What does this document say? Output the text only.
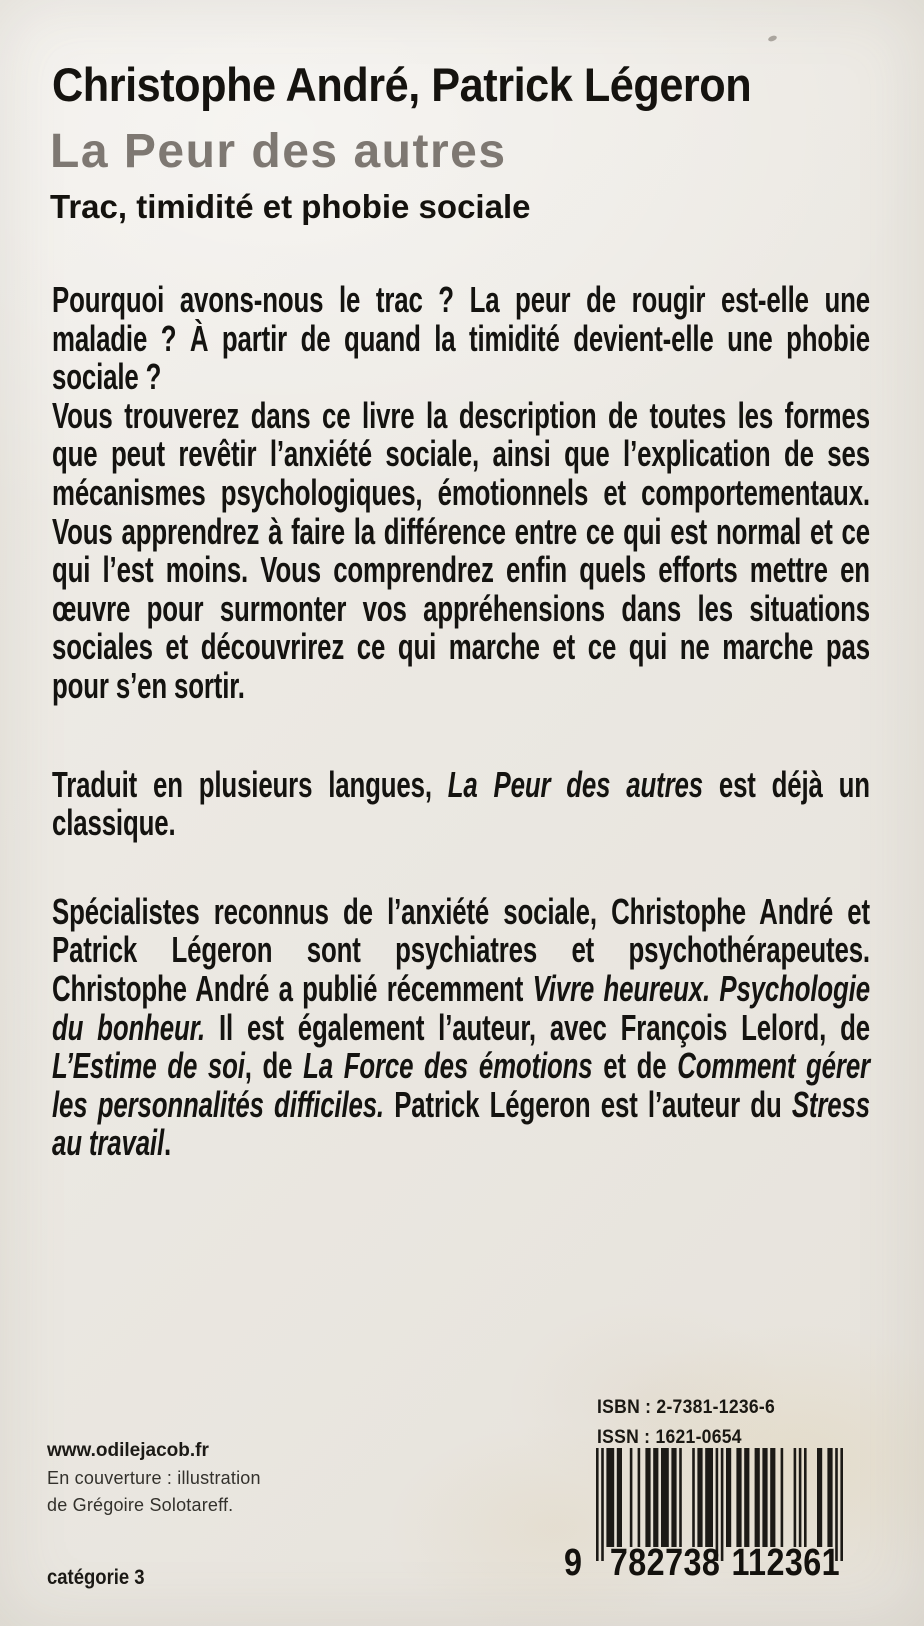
Christophe André, Patrick Légeron
La Peur des autres
Trac, timidité et phobie sociale

Pourquoi avons-nous le trac ? La peur de rougir est-elle une maladie ? À partir de quand la timidité devient-elle une phobie sociale ?

Vous trouverez dans ce livre la description de toutes les formes que peut revêtir l’anxiété sociale, ainsi que l’explication de ses mécanismes psychologiques, émotionnels et comportementaux. Vous apprendrez à faire la différence entre ce qui est normal et ce qui l’est moins. Vous comprendrez enfin quels efforts mettre en œuvre pour surmonter vos appréhensions dans les situations sociales et découvrirez ce qui marche et ce qui ne marche pas pour s’en sortir.

Traduit en plusieurs langues, La Peur des autres est déjà un classique.

Spécialistes reconnus de l’anxiété sociale, Christophe André et Patrick Légeron sont psychiatres et psychothérapeutes. Christophe André a publié récemment Vivre heureux. Psychologie du bonheur. Il est également l’auteur, avec François Lelord, de L’Estime de soi, de La Force des émotions et de Comment gérer les personnalités difficiles. Patrick Légeron est l’auteur du Stress au travail.

www.odilejacob.fr
En couverture : illustration
de Grégoire Solotareff.
catégorie 3
ISBN : 2-7381-1236-6
ISSN : 1621-0654
9 782738 112361
